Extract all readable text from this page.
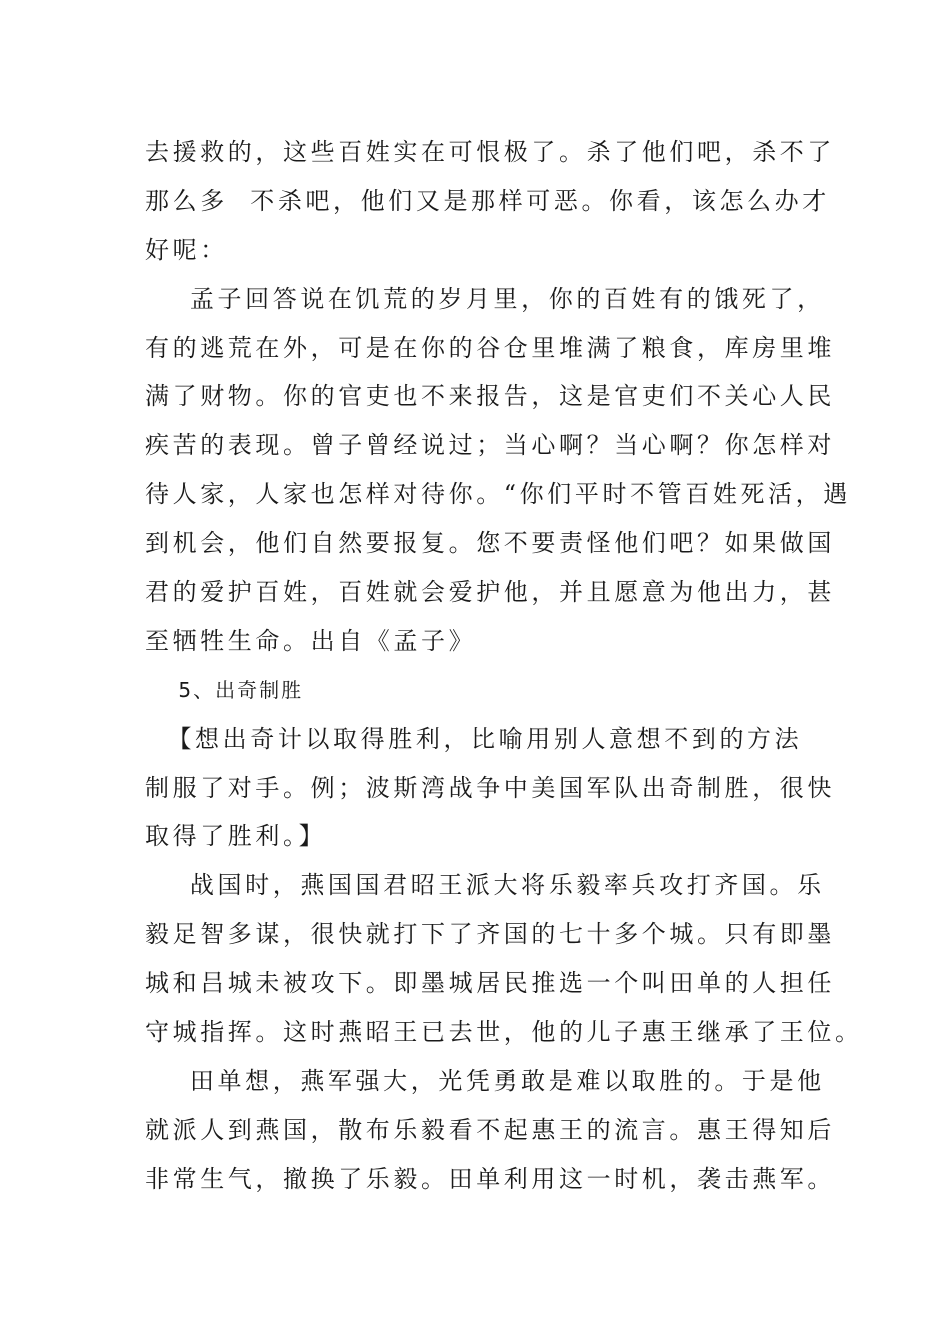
去援救的，这些百姓实在可恨极了。杀了他们吧，杀不了
那么多  不杀吧，他们又是那样可恶。你看，该怎么办才
好呢：
孟子回答说在饥荒的岁月里，你的百姓有的饿死了，
有的逃荒在外，可是在你的谷仓里堆满了粮食，库房里堆
满了财物。你的官吏也不来报告，这是官吏们不关心人民
疾苦的表现。曾子曾经说过；当心啊？当心啊？你怎样对
待人家，人家也怎样对待你。“你们平时不管百姓死活，遇
到机会，他们自然要报复。您不要责怪他们吧？如果做国
君的爱护百姓，百姓就会爱护他，并且愿意为他出力，甚
至牺牲生命。出自《孟子》
5、出奇制胜
【想出奇计以取得胜利，比喻用别人意想不到的方法
制服了对手。例；波斯湾战争中美国军队出奇制胜，很快
取得了胜利。】
战国时，燕国国君昭王派大将乐毅率兵攻打齐国。乐
毅足智多谋，很快就打下了齐国的七十多个城。只有即墨
城和吕城未被攻下。即墨城居民推选一个叫田单的人担任
守城指挥。这时燕昭王已去世，他的儿子惠王继承了王位。
田单想，燕军强大，光凭勇敢是难以取胜的。于是他
就派人到燕国，散布乐毅看不起惠王的流言。惠王得知后
非常生气，撤换了乐毅。田单利用这一时机，袭击燕军。
